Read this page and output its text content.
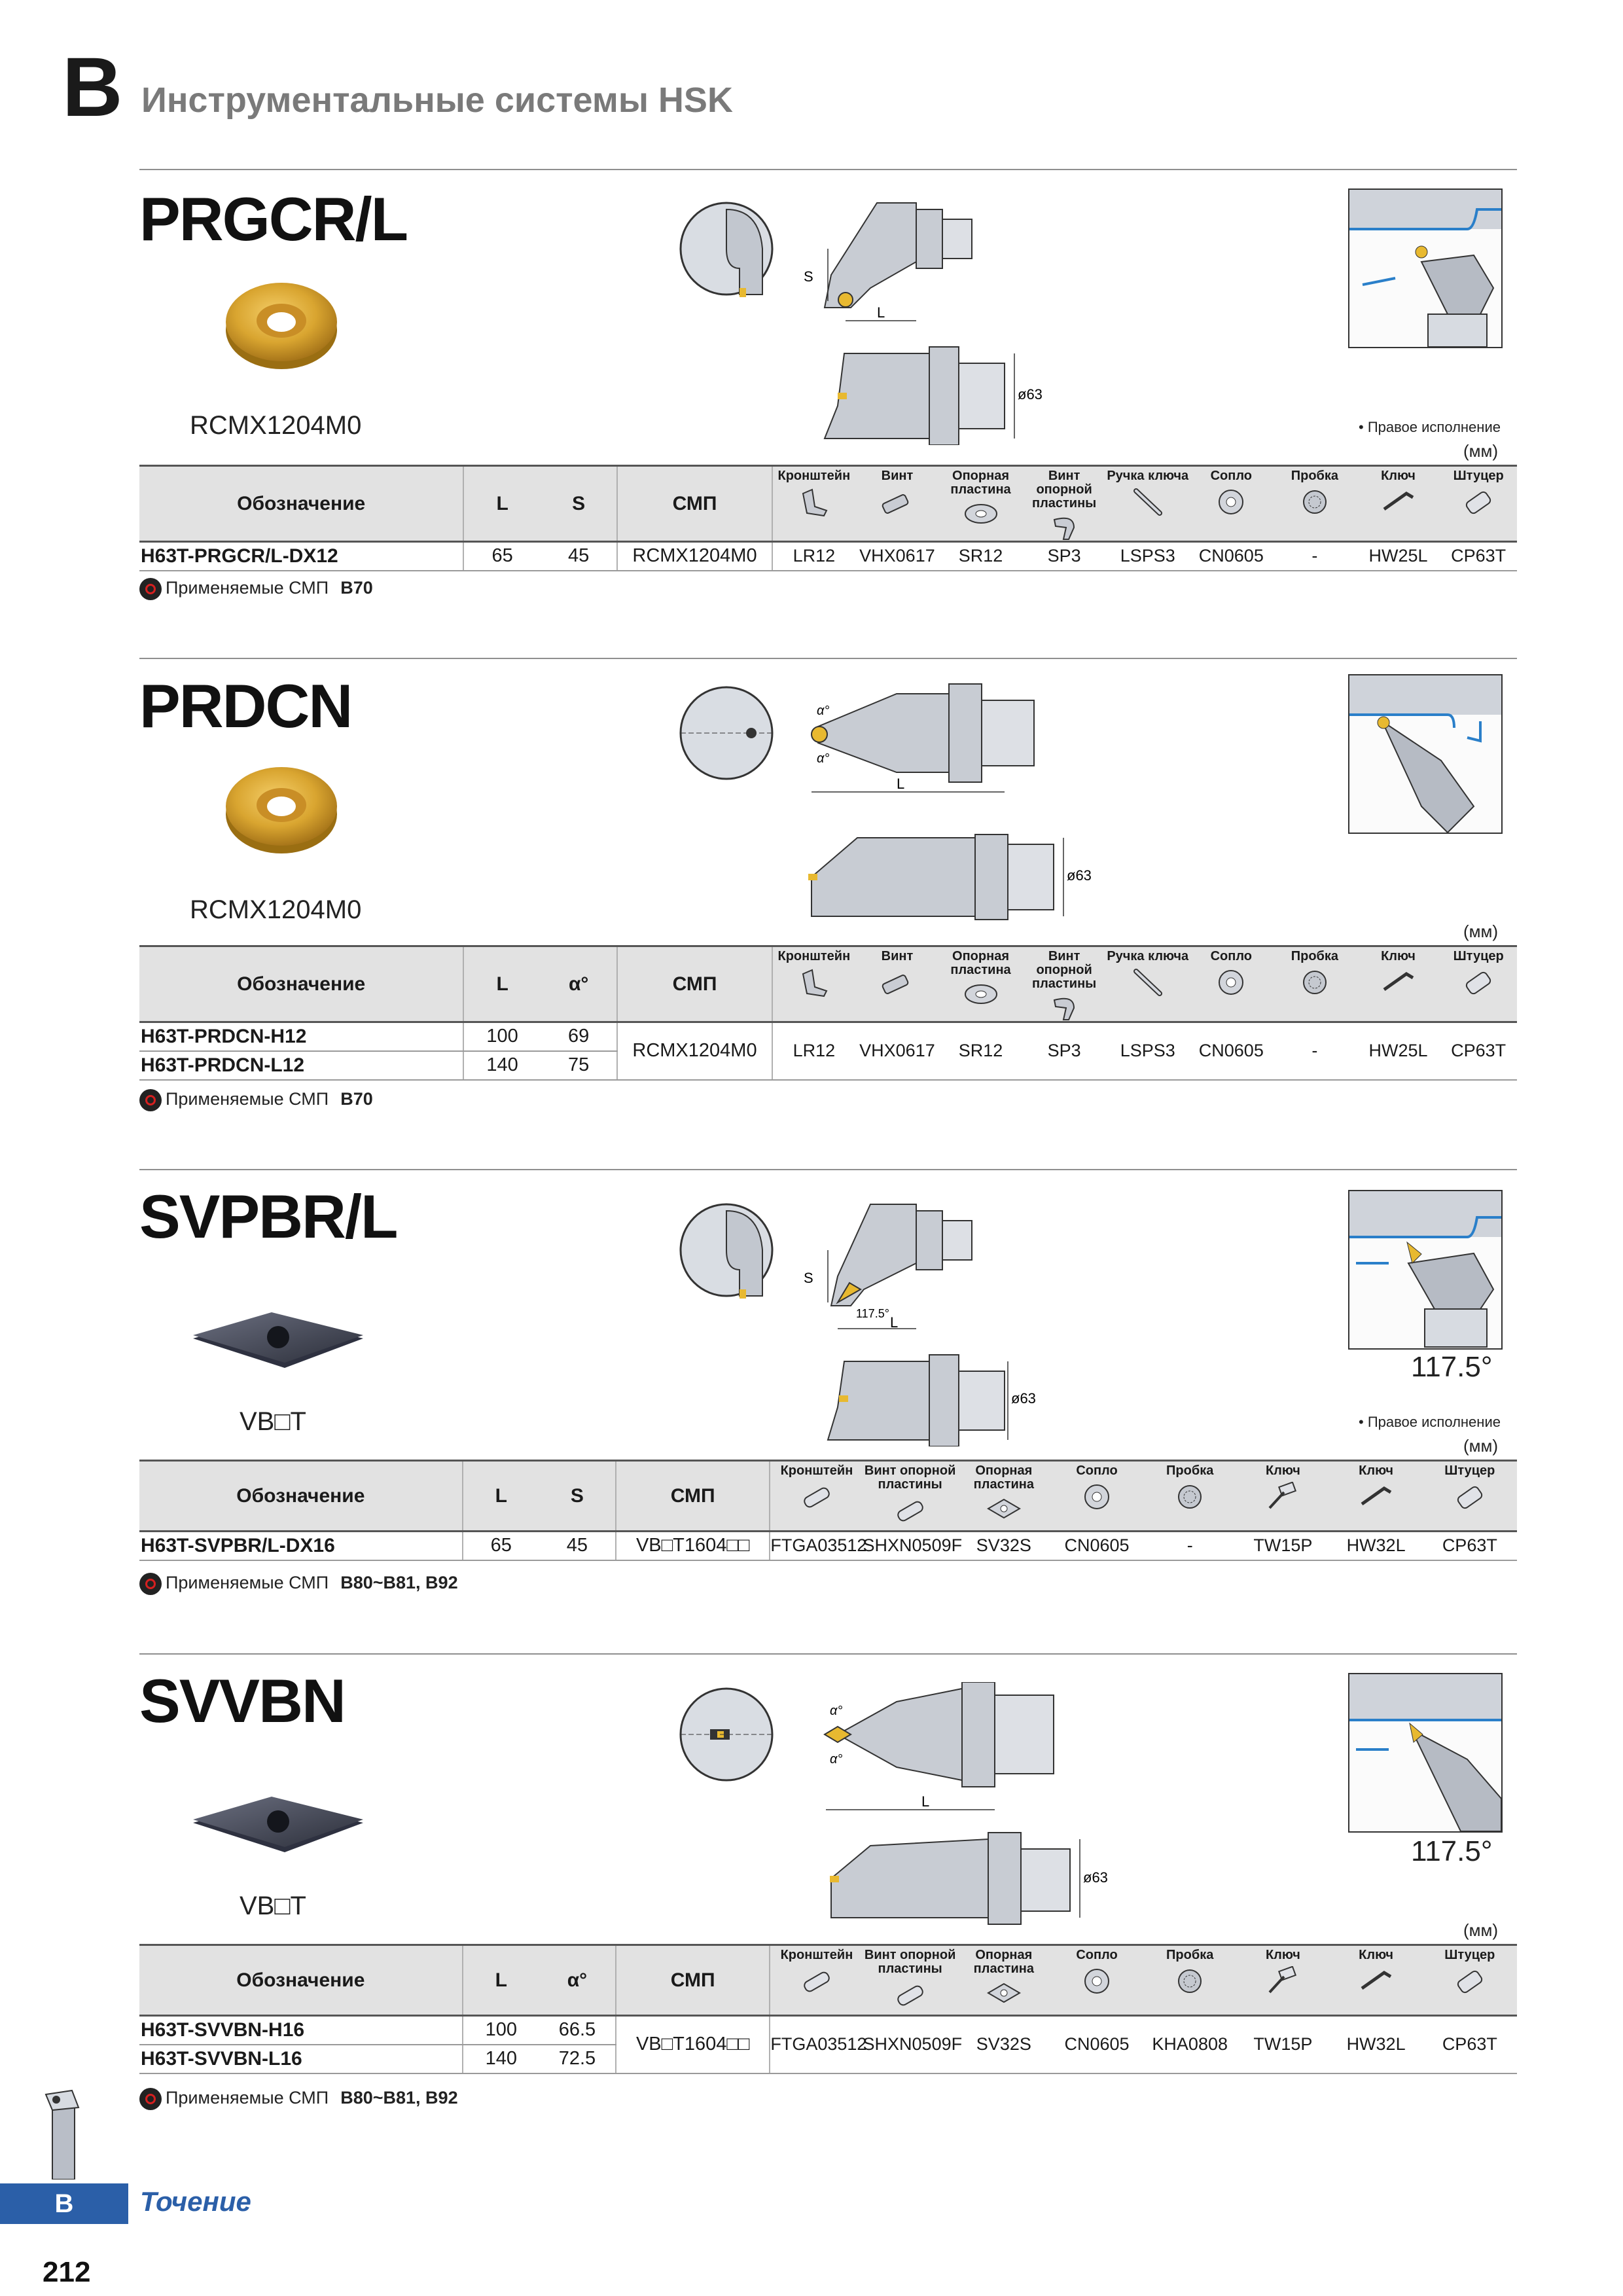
B Инструментальные системы HSK
PRGCR/L
RCMX1204M0
S
L
ø63
• Правое исполнение
(мм)
Обозначение	L	S	СМП	Кронштейн	Винт	Опорная пластина	Винт опорной пластины	Ручка ключа	Сопло	Пробка	Ключ	Штуцер

H63T-PRGCR/L-DX12	65	45	RCMX1204M0	LR12	VHX0617	SR12	SP3	LSPS3	CN0605	-	HW25L	CP63T
Применяемые СМП B70
PRDCN
RCMX1204M0
α°
α°
L
ø63
(мм)
Обозначение	L	α°	СМП	Кронштейн	Винт	Опорная пластина	Винт опорной пластины	Ручка ключа	Сопло	Пробка	Ключ	Штуцер

H63T-PRDCN-H12	100	69	RCMX1204M0	LR12	VHX0617	SR12	SP3	LSPS3	CN0605	-	HW25L	CP63T
H63T-PRDCN-L12	140	75										
Применяемые СМП B70
SVPBR/L
VB□T
S
117.5°
L
ø63
117.5°
• Правое исполнение
(мм)
Обозначение	L	S	СМП	Кронштейн	Винт опорной пластины	Опорная пластина	Сопло	Пробка	Ключ	Ключ	Штуцер

H63T-SVPBR/L-DX16	65	45	VB□T1604□□	FTGA03512	SHXN0509F	SV32S	CN0605	-	TW15P	HW32L	CP63T
Применяемые СМП B80~B81, B92
SVVBN
VB□T
α°
α°
L
ø63
117.5°
(мм)
Обозначение	L	α°	СМП	Кронштейн	Винт опорной пластины	Опорная пластина	Сопло	Пробка	Ключ	Ключ	Штуцер

H63T-SVVBN-H16	100	66.5	VB□T1604□□	FTGA03512	SHXN0509F	SV32S	CN0605	KHA0808	TW15P	HW32L	CP63T
H63T-SVVBN-L16	140	72.5									
Применяемые СМП B80~B81, B92
B	Точение
212
